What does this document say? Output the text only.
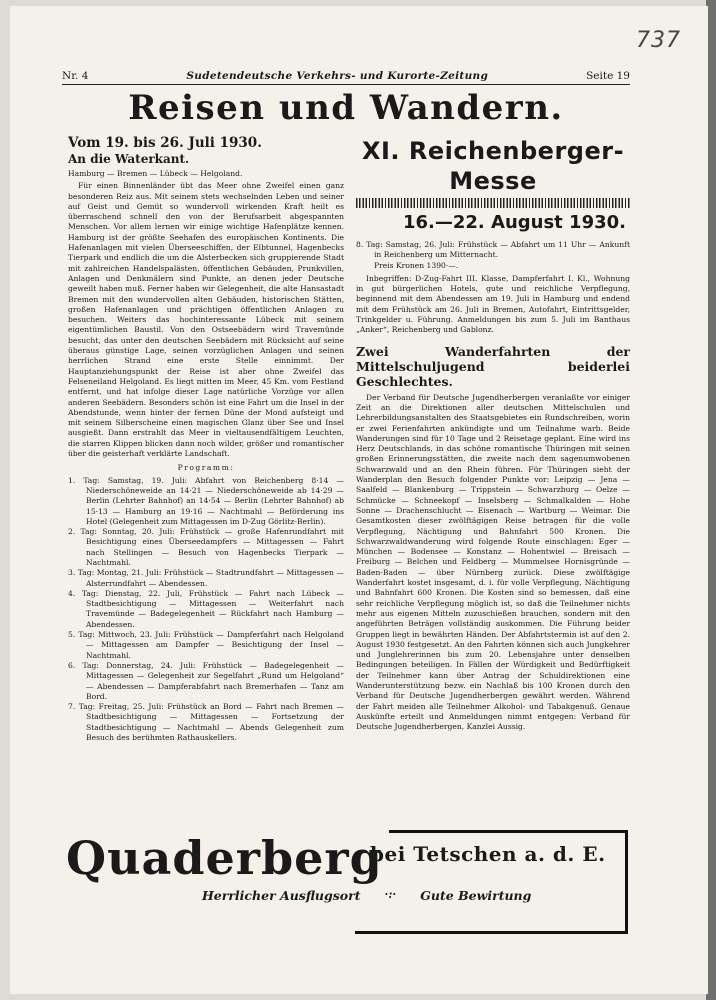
737
Nr. 4	Sudetendeutsche Verkehrs- und Kurorte-Zeitung	Seite 19
Reisen und Wandern.
Vom 19. bis 26. Juli 1930.
An die Waterkant.
Hamburg — Bremen — Lübeck — Helgoland.

Für einen Binnenländer übt das Meer ohne Zweifel einen ganz besonderen Reiz aus. Mit seinem stets wechselnden Leben und seiner auf Geist und Gemüt so wundervoll wirkenden Kraft heilt es überraschend schnell den von der Berufsarbeit abgespannten Menschen. Vor allem lernen wir einige wichtige Hafenplätze kennen. Hamburg ist der größte Seehafen des europäischen Kontinents. Die Hafenanlagen mit vielen Überseeschiffen, der Elbtunnel, Hagenbecks Tierpark und endlich die um die Alsterbecken sich gruppierende Stadt mit zahlreichen Handelspalästen, öffentlichen Gebäuden, Prunkvillen, Anlagen und Denkmälern sind Punkte, an denen jeder Deutsche geweilt haben muß. Ferner haben wir Gelegenheit, die alte Hansastadt Bremen mit den wundervollen alten Gebäuden, historischen Stätten, großen Hafenanlagen und prächtigen öffentlichen Anlagen zu besuchen. Weiters das hochinteressante Lübeck mit seinem eigentümlichen Baustil. Von den Ostseebädern wird Travemünde besucht, das unter den deutschen Seebädern mit Rücksicht auf seine überaus günstige Lage, seinen vorzüglichen Anlagen und seinen herrlichen Strand eine erste Stelle einnimmt. Der Hauptanziehungspunkt der Reise ist aber ohne Zweifel das Felseneiland Helgoland. Es liegt mitten im Meer, 45 Km. vom Festland entfernt, und hat infolge dieser Lage natürliche Vorzüge vor allen anderen Seebädern. Besonders schön ist eine Fahrt um die Insel in der Abendstunde, wenn hinter der fernen Düne der Mond aufsteigt und mit seinem Silberscheine einen magischen Glanz über See und Insel ausgießt. Dann erstrahlt das Meer in vieltausendfältigem Leuchten, die starren Klippen blicken dann noch wilder, größer und romantischer über die geisterhaft verklärte Landschaft.

Programm:

1. Tag: Samstag, 19. Juli: Abfahrt von Reichenberg 8·14 — Niederschöneweide an 14·21 — Niederschöneweide ab 14·29 — Berlin (Lehrter Bahnhof) an 14·54 — Berlin (Lehrter Bahnhof) ab 15·13 — Hamburg an 19·16 — Nachtmahl — Beförderung ins Hotel (Gelegenheit zum Mittagessen im D-Zug Görlitz-Berlin).

2. Tag: Sonntag, 20. Juli: Frühstück — große Hafenrundfahrt mit Besichtigung eines Überseedampfers — Mittagessen — Fahrt nach Stellingen — Besuch von Hagenbecks Tierpark — Nachtmahl.

3. Tag: Montag, 21. Juli: Frühstück — Stadtrundfahrt — Mittagessen — Alsterrundfahrt — Abendessen.

4. Tag: Dienstag, 22. Juli, Frühstück — Fahrt nach Lübeck — Stadtbesichtigung — Mittagessen — Weiterfahrt nach Travemünde — Badegelegenheit — Rückfahrt nach Hamburg — Abendessen.

5. Tag: Mittwoch, 23. Juli: Frühstück — Dampferfahrt nach Helgoland — Mittagessen am Dampfer — Besichtigung der Insel — Nachtmahl.

6. Tag: Donnerstag, 24. Juli: Frühstück — Badegelegenheit — Mittagessen — Gelegenheit zur Segelfahrt „Rund um Helgoland“ — Abendessen — Dampferabfahrt nach Bremerhafen — Tanz am Bord.

7. Tag: Freitag, 25. Juli: Frühstück an Bord — Fahrt nach Bremen — Stadtbesichtigung — Mittagessen — Fortsetzung der Stadtbesichtigung — Nachtmahl — Abends Gelegenheit zum Besuch des berühmten Rathauskellers.

XI. Reichenberger-Messe
16.—22. August 1930.

8. Tag: Samstag, 26. Juli: Frühstück — Abfahrt um 11 Uhr — Ankunft in Reichenberg um Mitternacht.

Preis Kronen 1390·—.

Inbegriffen: D-Zug-Fahrt III. Klasse, Dampferfahrt I. Kl., Wohnung in gut bürgerlichen Hotels, gute und reichliche Verpflegung, beginnend mit dem Abendessen am 19. Juli in Hamburg und endend mit dem Frühstück am 26. Juli in Bremen, Autofahrt, Eintrittsgelder, Trinkgelder u. Führung. Anmeldungen bis zum 5. Juli im Banthaus „Anker“, Reichenberg und Gablonz.

Zwei Wanderfahrten der Mittelschuljugend beiderlei Geschlechtes.

Der Verband für Deutsche Jugendherbergen veranlaßte vor einiger Zeit an die Direktionen aller deutschen Mittelschulen und Lehrerbildungsanstalten des Staatsgebietes ein Rundschreiben, worin er zwei Ferienfahrten ankündigte und um Teilnahme warb. Beide Wanderungen sind für 10 Tage und 2 Reisetage geplant. Eine wird ins Herz Deutschlands, in das schöne romantische Thüringen mit seinen großen Erinnerungsstätten, die zweite nach dem sagenumwobenen Schwarzwald und an den Rhein führen. Für Thüringen sieht der Wanderplan den Besuch folgender Punkte vor: Leipzig — Jena — Saalfeld — Blankenburg — Trippstein — Schwarzburg — Oelze — Schmücke — Schneekopf — Inselsberg — Schmalkalden — Hohe Sonne — Drachenschlucht — Eisenach — Wartburg — Weimar. Die Gesamtkosten dieser zwölftägigen Reise betragen für die volle Verpflegung, Nächtigung und Bahnfahrt 500 Kronen. Die Schwarzwaldwanderung wird folgende Route einschlagen: Eger — München — Bodensee — Konstanz — Hohentwiel — Breisach — Freiburg — Belchen und Feldberg — Mummelsee Hornisgründe — Baden-Baden — über Nürnberg zurück. Diese zwölftägige Wanderfahrt kostet insgesamt, d. i. für volle Verpflegung, Nächtigung und Bahnfahrt 600 Kronen. Die Kosten sind so bemessen, daß eine sehr reichliche Verpflegung möglich ist, so daß die Teilnehmer nichts mehr aus eigenen Mitteln zuzuschießen brauchen, sondern mit den angeführten Beträgen vollständig auskommen. Die Führung beider Gruppen liegt in bewährten Händen. Der Abfahrtstermin ist auf den 2. August 1930 festgesetzt. An den Fahrten können sich auch Jungkehrer und Junglehrerinnen bis zum 20. Lebensjahre unter denselben Bedingungen beteiligen. In Fällen der Würdigkeit und Bedürftigkeit der Teilnehmer kann über Antrag der Schuldirektionen eine Wanderunterstützung bezw. ein Nachlaß bis 100 Kronen durch den Verband für Deutsche Jugendherbergen gewährt werden. Während der Fahrt meiden alle Teilnehmer Alkohol- und Tabakgenuß. Genaue Auskünfte erteilt und Anmeldungen nimmt entgegen: Verband für Deutsche Jugendherbergen, Kanzlei Aussig.

Quaderberg
bei Tetschen a. d. E.
Herrlicher Ausflugsort ·:· Gute Bewirtung
